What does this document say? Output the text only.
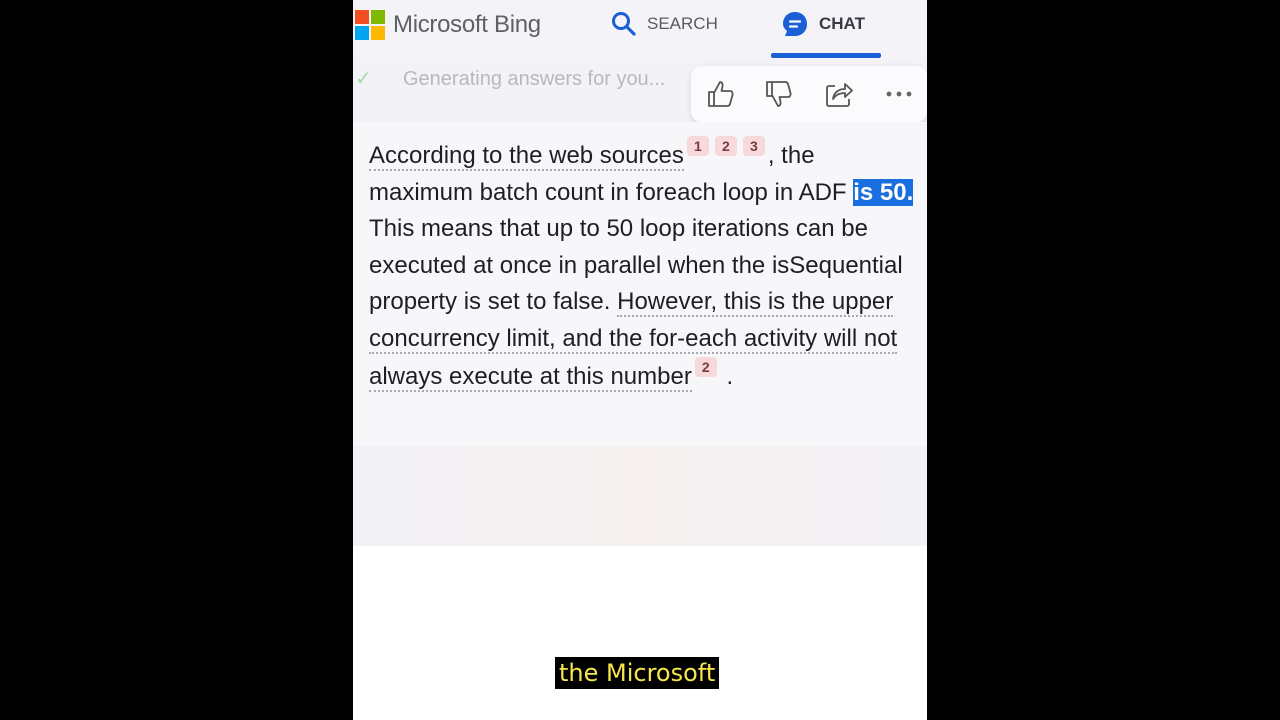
Microsoft Bing	SEARCH	CHAT
✓ Generating answers for you...
According to the web sources 1 2 3 , the maximum batch count in foreach loop in ADF is 50. This means that up to 50 loop iterations can be executed at once in parallel when the isSequential property is set to false. However, this is the upper concurrency limit, and the for-each activity will not always execute at this number 2 .
the Microsoft
